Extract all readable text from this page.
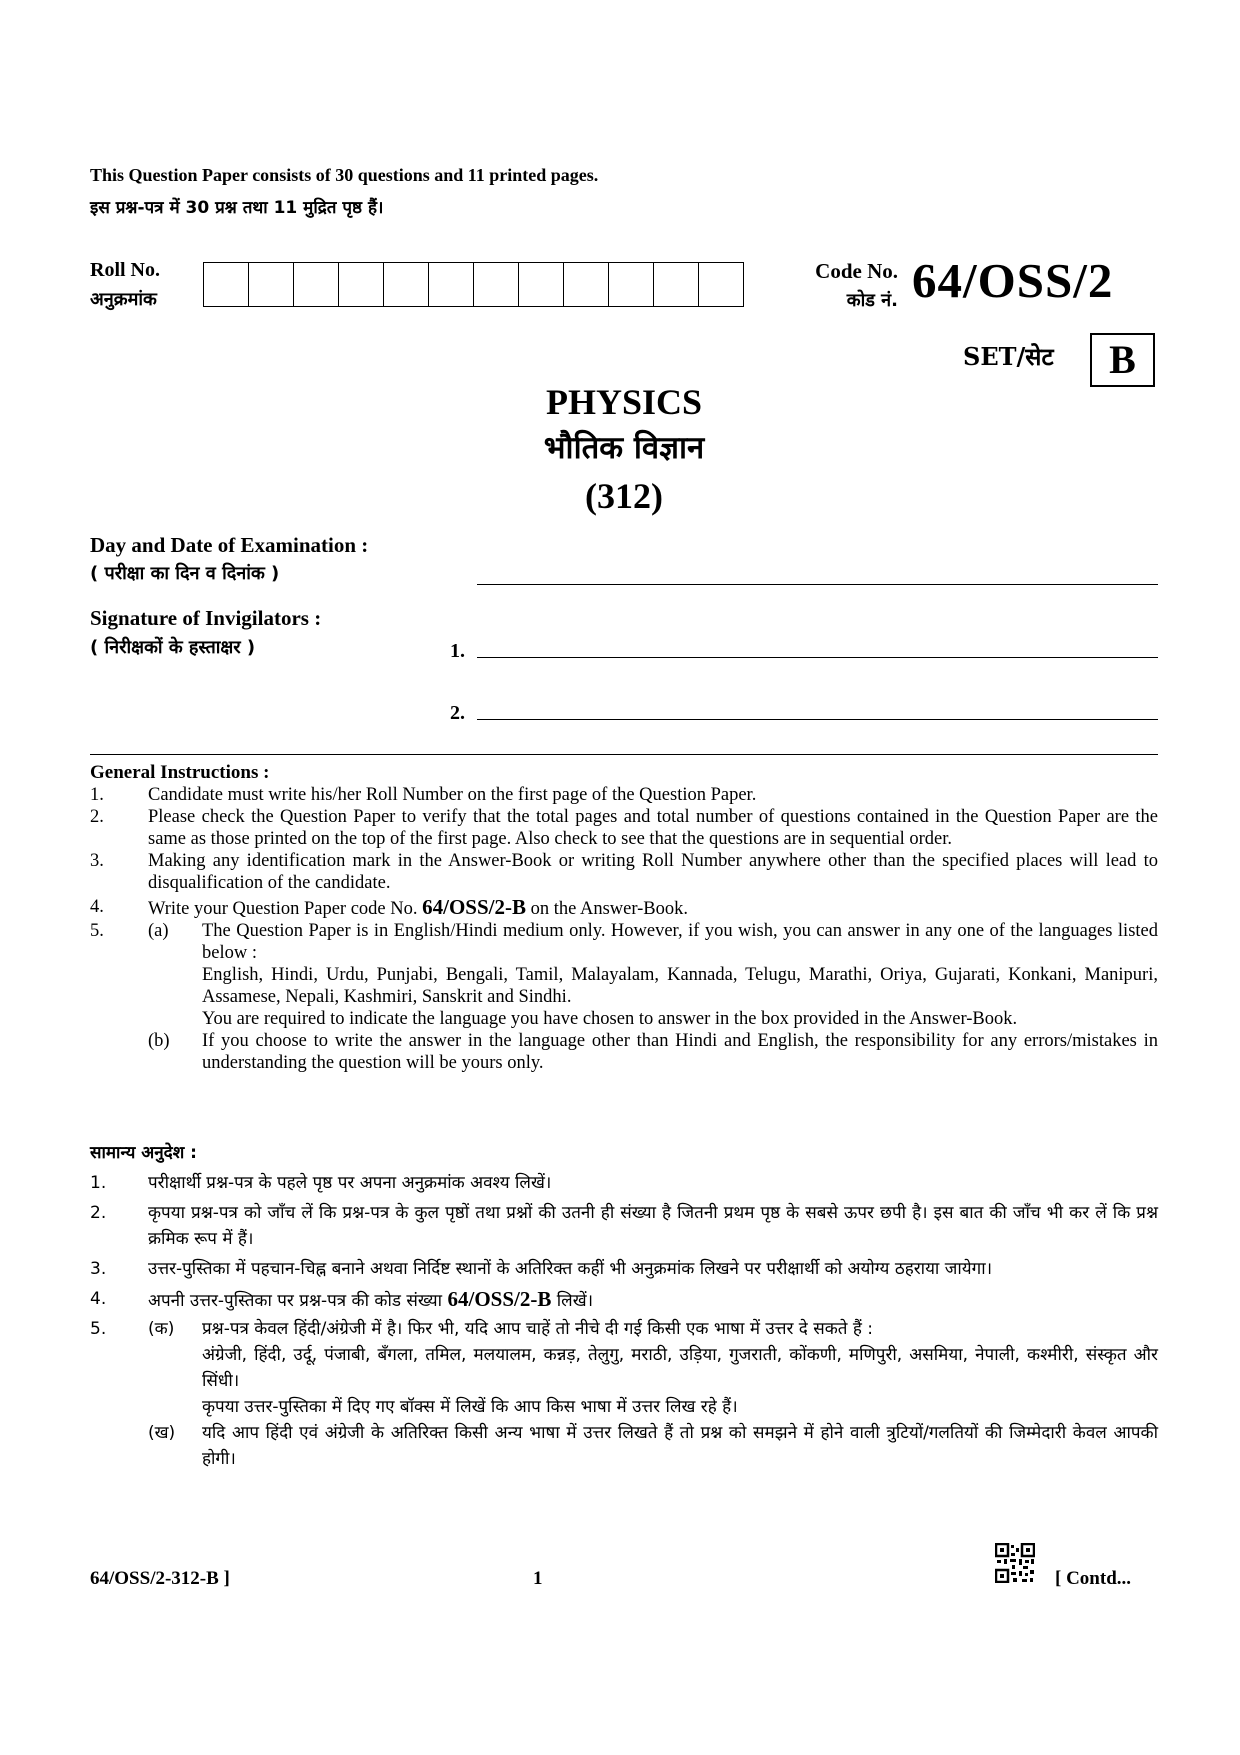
This Question Paper consists of 30 questions and 11 printed pages.
इस प्रश्न-पत्र में 30 प्रश्न तथा 11 मुद्रित पृष्ठ हैं।
Roll No.
अनुक्रमांक
Code No.
कोड नं. 64/OSS/2
SET/सेट	B
PHYSICS
भौतिक विज्ञान
(312)
Day and Date of Examination :
( परीक्षा का दिन व दिनांक )
Signature of Invigilators :
( निरीक्षकों के हस्ताक्षर )	1.
2.
General Instructions :
1.	Candidate must write his/her Roll Number on the first page of the Question Paper.
2.	Please check the Question Paper to verify that the total pages and total number of questions contained in the Question Paper are the same as those printed on the top of the first page. Also check to see that the questions are in sequential order.
3.	Making any identification mark in the Answer-Book or writing Roll Number anywhere other than the specified places will lead to disqualification of the candidate.
4.	Write your Question Paper code No. 64/OSS/2-B on the Answer-Book.
5.	(a)	The Question Paper is in English/Hindi medium only. However, if you wish, you can answer in any one of the languages listed below :
English, Hindi, Urdu, Punjabi, Bengali, Tamil, Malayalam, Kannada, Telugu, Marathi, Oriya, Gujarati, Konkani, Manipuri, Assamese, Nepali, Kashmiri, Sanskrit and Sindhi.
You are required to indicate the language you have chosen to answer in the box provided in the Answer-Book.
(b)	If you choose to write the answer in the language other than Hindi and English, the responsibility for any errors/mistakes in understanding the question will be yours only.
सामान्य अनुदेश :
1.	परीक्षार्थी प्रश्न-पत्र के पहले पृष्ठ पर अपना अनुक्रमांक अवश्य लिखें।
2.	कृपया प्रश्न-पत्र को जाँच लें कि प्रश्न-पत्र के कुल पृष्ठों तथा प्रश्नों की उतनी ही संख्या है जितनी प्रथम पृष्ठ के सबसे ऊपर छपी है। इस बात की जाँच भी कर लें कि प्रश्न क्रमिक रूप में हैं।
3.	उत्तर-पुस्तिका में पहचान-चिह्न बनाने अथवा निर्दिष्ट स्थानों के अतिरिक्त कहीं भी अनुक्रमांक लिखने पर परीक्षार्थी को अयोग्य ठहराया जायेगा।
4.	अपनी उत्तर-पुस्तिका पर प्रश्न-पत्र की कोड संख्या 64/OSS/2-B लिखें।
5.	(क)	प्रश्न-पत्र केवल हिंदी/अंग्रेजी में है। फिर भी, यदि आप चाहें तो नीचे दी गई किसी एक भाषा में उत्तर दे सकते हैं :
अंग्रेजी, हिंदी, उर्दू, पंजाबी, बँगला, तमिल, मलयालम, कन्नड़, तेलुगु, मराठी, उड़िया, गुजराती, कोंकणी, मणिपुरी, असमिया, नेपाली, कश्मीरी, संस्कृत और सिंधी।
कृपया उत्तर-पुस्तिका में दिए गए बॉक्स में लिखें कि आप किस भाषा में उत्तर लिख रहे हैं।
(ख)	यदि आप हिंदी एवं अंग्रेजी के अतिरिक्त किसी अन्य भाषा में उत्तर लिखते हैं तो प्रश्न को समझने में होने वाली त्रुटियों/गलतियों की जिम्मेदारी केवल आपकी होगी।
64/OSS/2-312-B ]	1	[ Contd...
